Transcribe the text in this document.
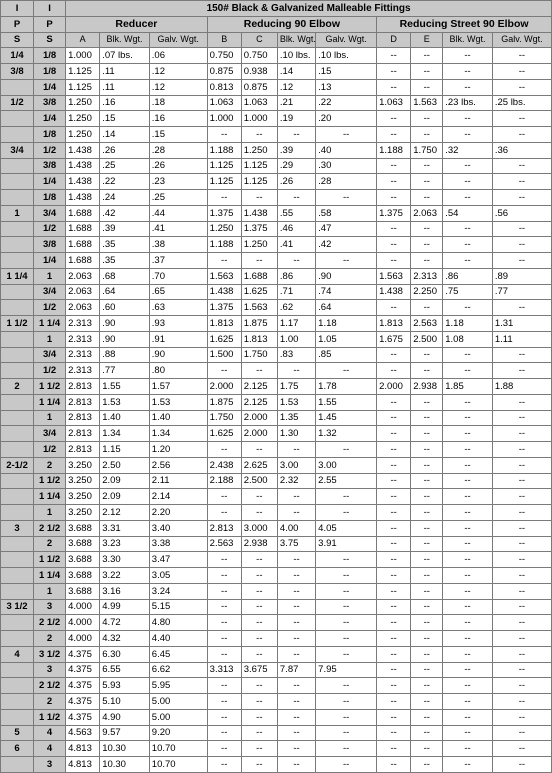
I	I	150# Black & Galvanized Malleable Fittings										
P	P	Reducer			Reducing 90 Elbow				Reducing Street 90 Elbow			
S	S	A	Blk. Wgt.	Galv. Wgt.	B	C	Blk. Wgt.	Galv. Wgt.	D	E	Blk. Wgt.	Galv. Wgt.
1/4	1/8	1.000	.07 lbs.	.06	0.750	0.750	.10 lbs.	.10 lbs.	--	--	--	--
3/8	1/8	1.125	.11	.12	0.875	0.938	.14	.15	--	--	--	--
	1/4	1.125	.11	.12	0.813	0.875	.12	.13	--	--	--	--
1/2	3/8	1.250	.16	.18	1.063	1.063	.21	.22	1.063	1.563	.23 lbs.	.25 lbs.
	1/4	1.250	.15	.16	1.000	1.000	.19	.20	--	--	--	--
	1/8	1.250	.14	.15	--	--	--	--	--	--	--	--
3/4	1/2	1.438	.26	.28	1.188	1.250	.39	.40	1.188	1.750	.32	.36
	3/8	1.438	.25	.26	1.125	1.125	.29	.30	--	--	--	--
	1/4	1.438	.22	.23	1.125	1.125	.26	.28	--	--	--	--
	1/8	1.438	.24	.25	--	--	--	--	--	--	--	--
1	3/4	1.688	.42	.44	1.375	1.438	.55	.58	1.375	2.063	.54	.56
	1/2	1.688	.39	.41	1.250	1.375	.46	.47	--	--	--	--
	3/8	1.688	.35	.38	1.188	1.250	.41	.42	--	--	--	--
	1/4	1.688	.35	.37	--	--	--	--	--	--	--	--
1 1/4	1	2.063	.68	.70	1.563	1.688	.86	.90	1.563	2.313	.86	.89
	3/4	2.063	.64	.65	1.438	1.625	.71	.74	1.438	2.250	.75	.77
	1/2	2.063	.60	.63	1.375	1.563	.62	.64	--	--	--	--
1 1/2	1 1/4	2.313	.90	.93	1.813	1.875	1.17	1.18	1.813	2.563	1.18	1.31
	1	2.313	.90	.91	1.625	1.813	1.00	1.05	1.675	2.500	1.08	1.11
	3/4	2.313	.88	.90	1.500	1.750	.83	.85	--	--	--	--
	1/2	2.313	.77	.80	--	--	--	--	--	--	--	--
2	1 1/2	2.813	1.55	1.57	2.000	2.125	1.75	1.78	2.000	2.938	1.85	1.88
	1 1/4	2.813	1.53	1.53	1.875	2.125	1.53	1.55	--	--	--	--
	1	2.813	1.40	1.40	1.750	2.000	1.35	1.45	--	--	--	--
	3/4	2.813	1.34	1.34	1.625	2.000	1.30	1.32	--	--	--	--
	1/2	2.813	1.15	1.20	--	--	--	--	--	--	--	--
2-1/2	2	3.250	2.50	2.56	2.438	2.625	3.00	3.00	--	--	--	--
	1 1/2	3.250	2.09	2.11	2.188	2.500	2.32	2.55	--	--	--	--
	1 1/4	3.250	2.09	2.14	--	--	--	--	--	--	--	--
	1	3.250	2.12	2.20	--	--	--	--	--	--	--	--
3	2 1/2	3.688	3.31	3.40	2.813	3.000	4.00	4.05	--	--	--	--
	2	3.688	3.23	3.38	2.563	2.938	3.75	3.91	--	--	--	--
	1 1/2	3.688	3.30	3.47	--	--	--	--	--	--	--	--
	1 1/4	3.688	3.22	3.05	--	--	--	--	--	--	--	--
	1	3.688	3.16	3.24	--	--	--	--	--	--	--	--
3 1/2	3	4.000	4.99	5.15	--	--	--	--	--	--	--	--
	2 1/2	4.000	4.72	4.80	--	--	--	--	--	--	--	--
	2	4.000	4.32	4.40	--	--	--	--	--	--	--	--
4	3 1/2	4.375	6.30	6.45	--	--	--	--	--	--	--	--
	3	4.375	6.55	6.62	3.313	3.675	7.87	7.95	--	--	--	--
	2 1/2	4.375	5.93	5.95	--	--	--	--	--	--	--	--
	2	4.375	5.10	5.00	--	--	--	--	--	--	--	--
	1 1/2	4.375	4.90	5.00	--	--	--	--	--	--	--	--
5	4	4.563	9.57	9.20	--	--	--	--	--	--	--	--
6	4	4.813	10.30	10.70	--	--	--	--	--	--	--	--
	3	4.813	10.30	10.70	--	--	--	--	--	--	--	--
